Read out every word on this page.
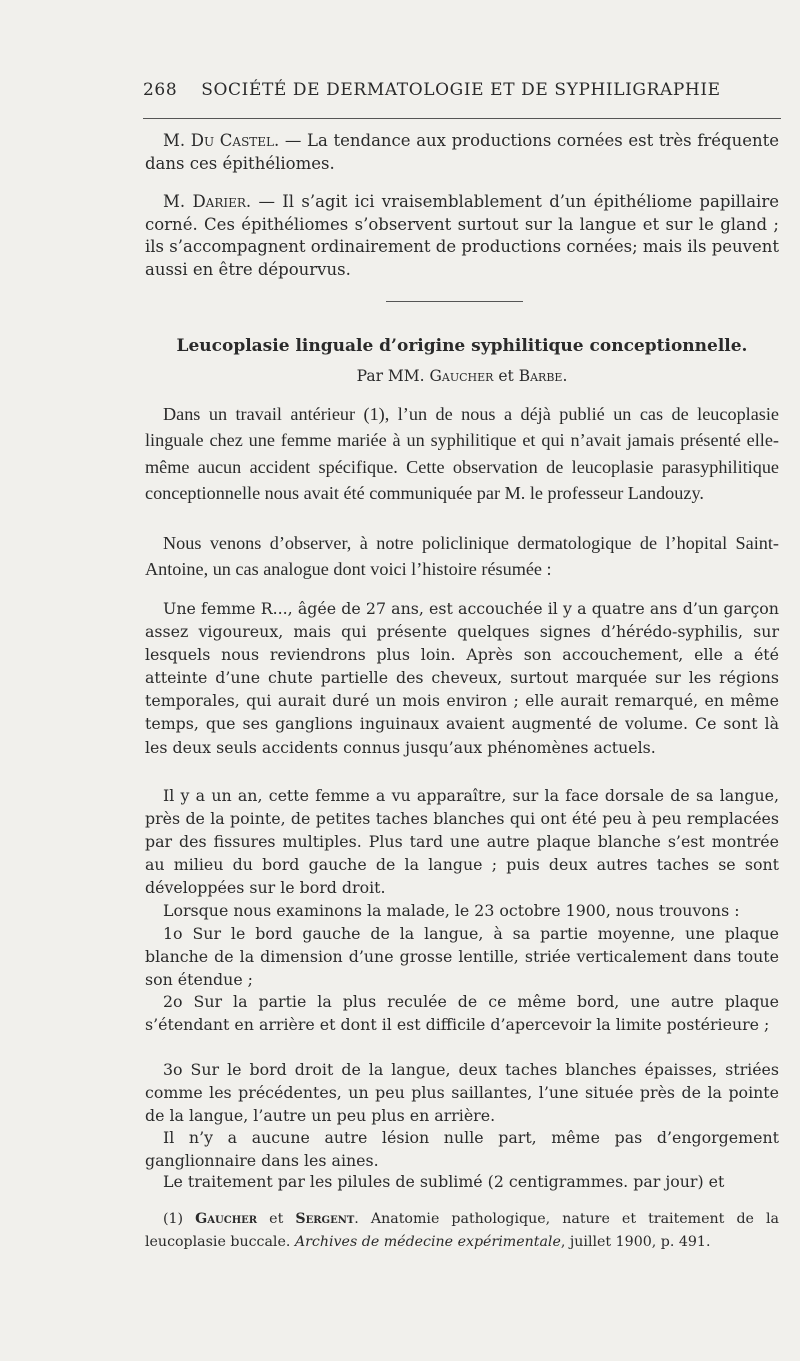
268 SOCIÉTÉ DE DERMATOLOGIE ET DE SYPHILIGRAPHIE
M. Du Castel. — La tendance aux productions cornées est très fréquente dans ces épithéliomes.
M. Darier. — Il s’agit ici vraisemblablement d’un épithéliome papillaire corné. Ces épithéliomes s’observent surtout sur la langue et sur le gland ; ils s’accompagnent ordinairement de productions cornées; mais ils peuvent aussi en être dépourvus.
Leucoplasie linguale d’origine syphilitique conceptionnelle.
Par MM. Gaucher et Barbe.
Dans un travail antérieur (1), l’un de nous a déjà publié un cas de leucoplasie linguale chez une femme mariée à un syphilitique et qui n’avait jamais présenté elle-même aucun accident spécifique. Cette observation de leucoplasie parasyphilitique conceptionnelle nous avait été communiquée par M. le professeur Landouzy.
Nous venons d’observer, à notre policlinique dermatologique de l’hopital Saint-Antoine, un cas analogue dont voici l’histoire résumée :
Une femme R..., âgée de 27 ans, est accouchée il y a quatre ans d’un garçon assez vigoureux, mais qui présente quelques signes d’hérédo-syphilis, sur lesquels nous reviendrons plus loin. Après son accouchement, elle a été atteinte d’une chute partielle des cheveux, surtout marquée sur les régions temporales, qui aurait duré un mois environ ; elle aurait remarqué, en même temps, que ses ganglions inguinaux avaient augmenté de volume. Ce sont là les deux seuls accidents connus jusqu’aux phénomènes actuels.
Il y a un an, cette femme a vu apparaître, sur la face dorsale de sa langue, près de la pointe, de petites taches blanches qui ont été peu à peu remplacées par des fissures multiples. Plus tard une autre plaque blanche s’est montrée au milieu du bord gauche de la langue ; puis deux autres taches se sont développées sur le bord droit.
Lorsque nous examinons la malade, le 23 octobre 1900, nous trouvons :
1o Sur le bord gauche de la langue, à sa partie moyenne, une plaque blanche de la dimension d’une grosse lentille, striée verticalement dans toute son étendue ;
2o Sur la partie la plus reculée de ce même bord, une autre plaque s’étendant en arrière et dont il est difficile d’apercevoir la limite postérieure ;
3o Sur le bord droit de la langue, deux taches blanches épaisses, striées comme les précédentes, un peu plus saillantes, l’une située près de la pointe de la langue, l’autre un peu plus en arrière.
Il n’y a aucune autre lésion nulle part, même pas d’engorgement ganglionnaire dans les aines.
Le traitement par les pilules de sublimé (2 centigrammes. par jour) et
(1) Gaucher et Sergent. Anatomie pathologique, nature et traitement de la leucoplasie buccale. Archives de médecine expérimentale, juillet 1900, p. 491.
